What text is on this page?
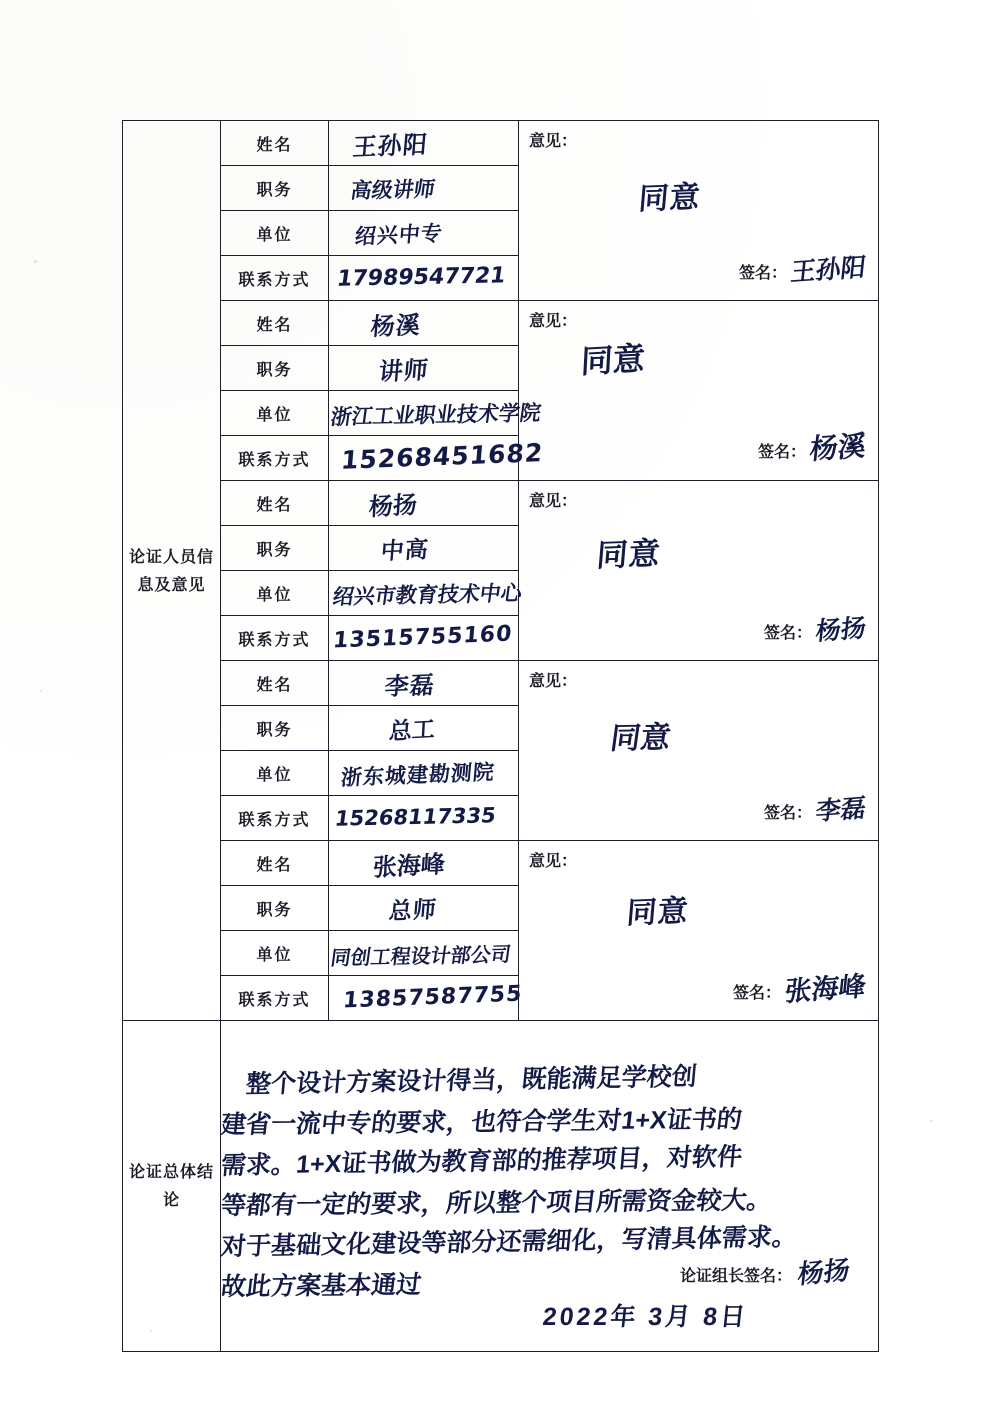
论证人员信息及意见	姓名	王孙阳	意见：
同意
签名：王孙阳

	职务	高级讲师	

	单位	绍兴中专	

	联系方式	17989547721	

	姓名	杨溪	意见：
同意
签名：杨溪

	职务	讲师	

	单位	浙江工业职业技术学院	

	联系方式	15268451682	

	姓名	杨扬	意见：
同意
签名：杨扬

	职务	中高	

	单位	绍兴市教育技术中心	

	联系方式	13515755160	

	姓名	李磊	意见：
同意
签名：李磊

	职务	总工	

	单位	浙东城建勘测院	

	联系方式	15268117335	

	姓名	张海峰	意见：
同意
签名：张海峰

	职务	总师	

	单位	同创工程设计部公司	

	联系方式	13857587755	

论证总体结论	
　整个设计方案设计得当，既能满足学校创
建省一流中专的要求，也符合学生对1+X证书的
需求。1+X证书做为教育部的推荐项目，对软件
等都有一定的要求，所以整个项目所需资金较大。
对于基础文化建设等部分还需细化，写清具体需求。
故此方案基本通过	论证组长签名： 杨扬
2022年 3月 8日
